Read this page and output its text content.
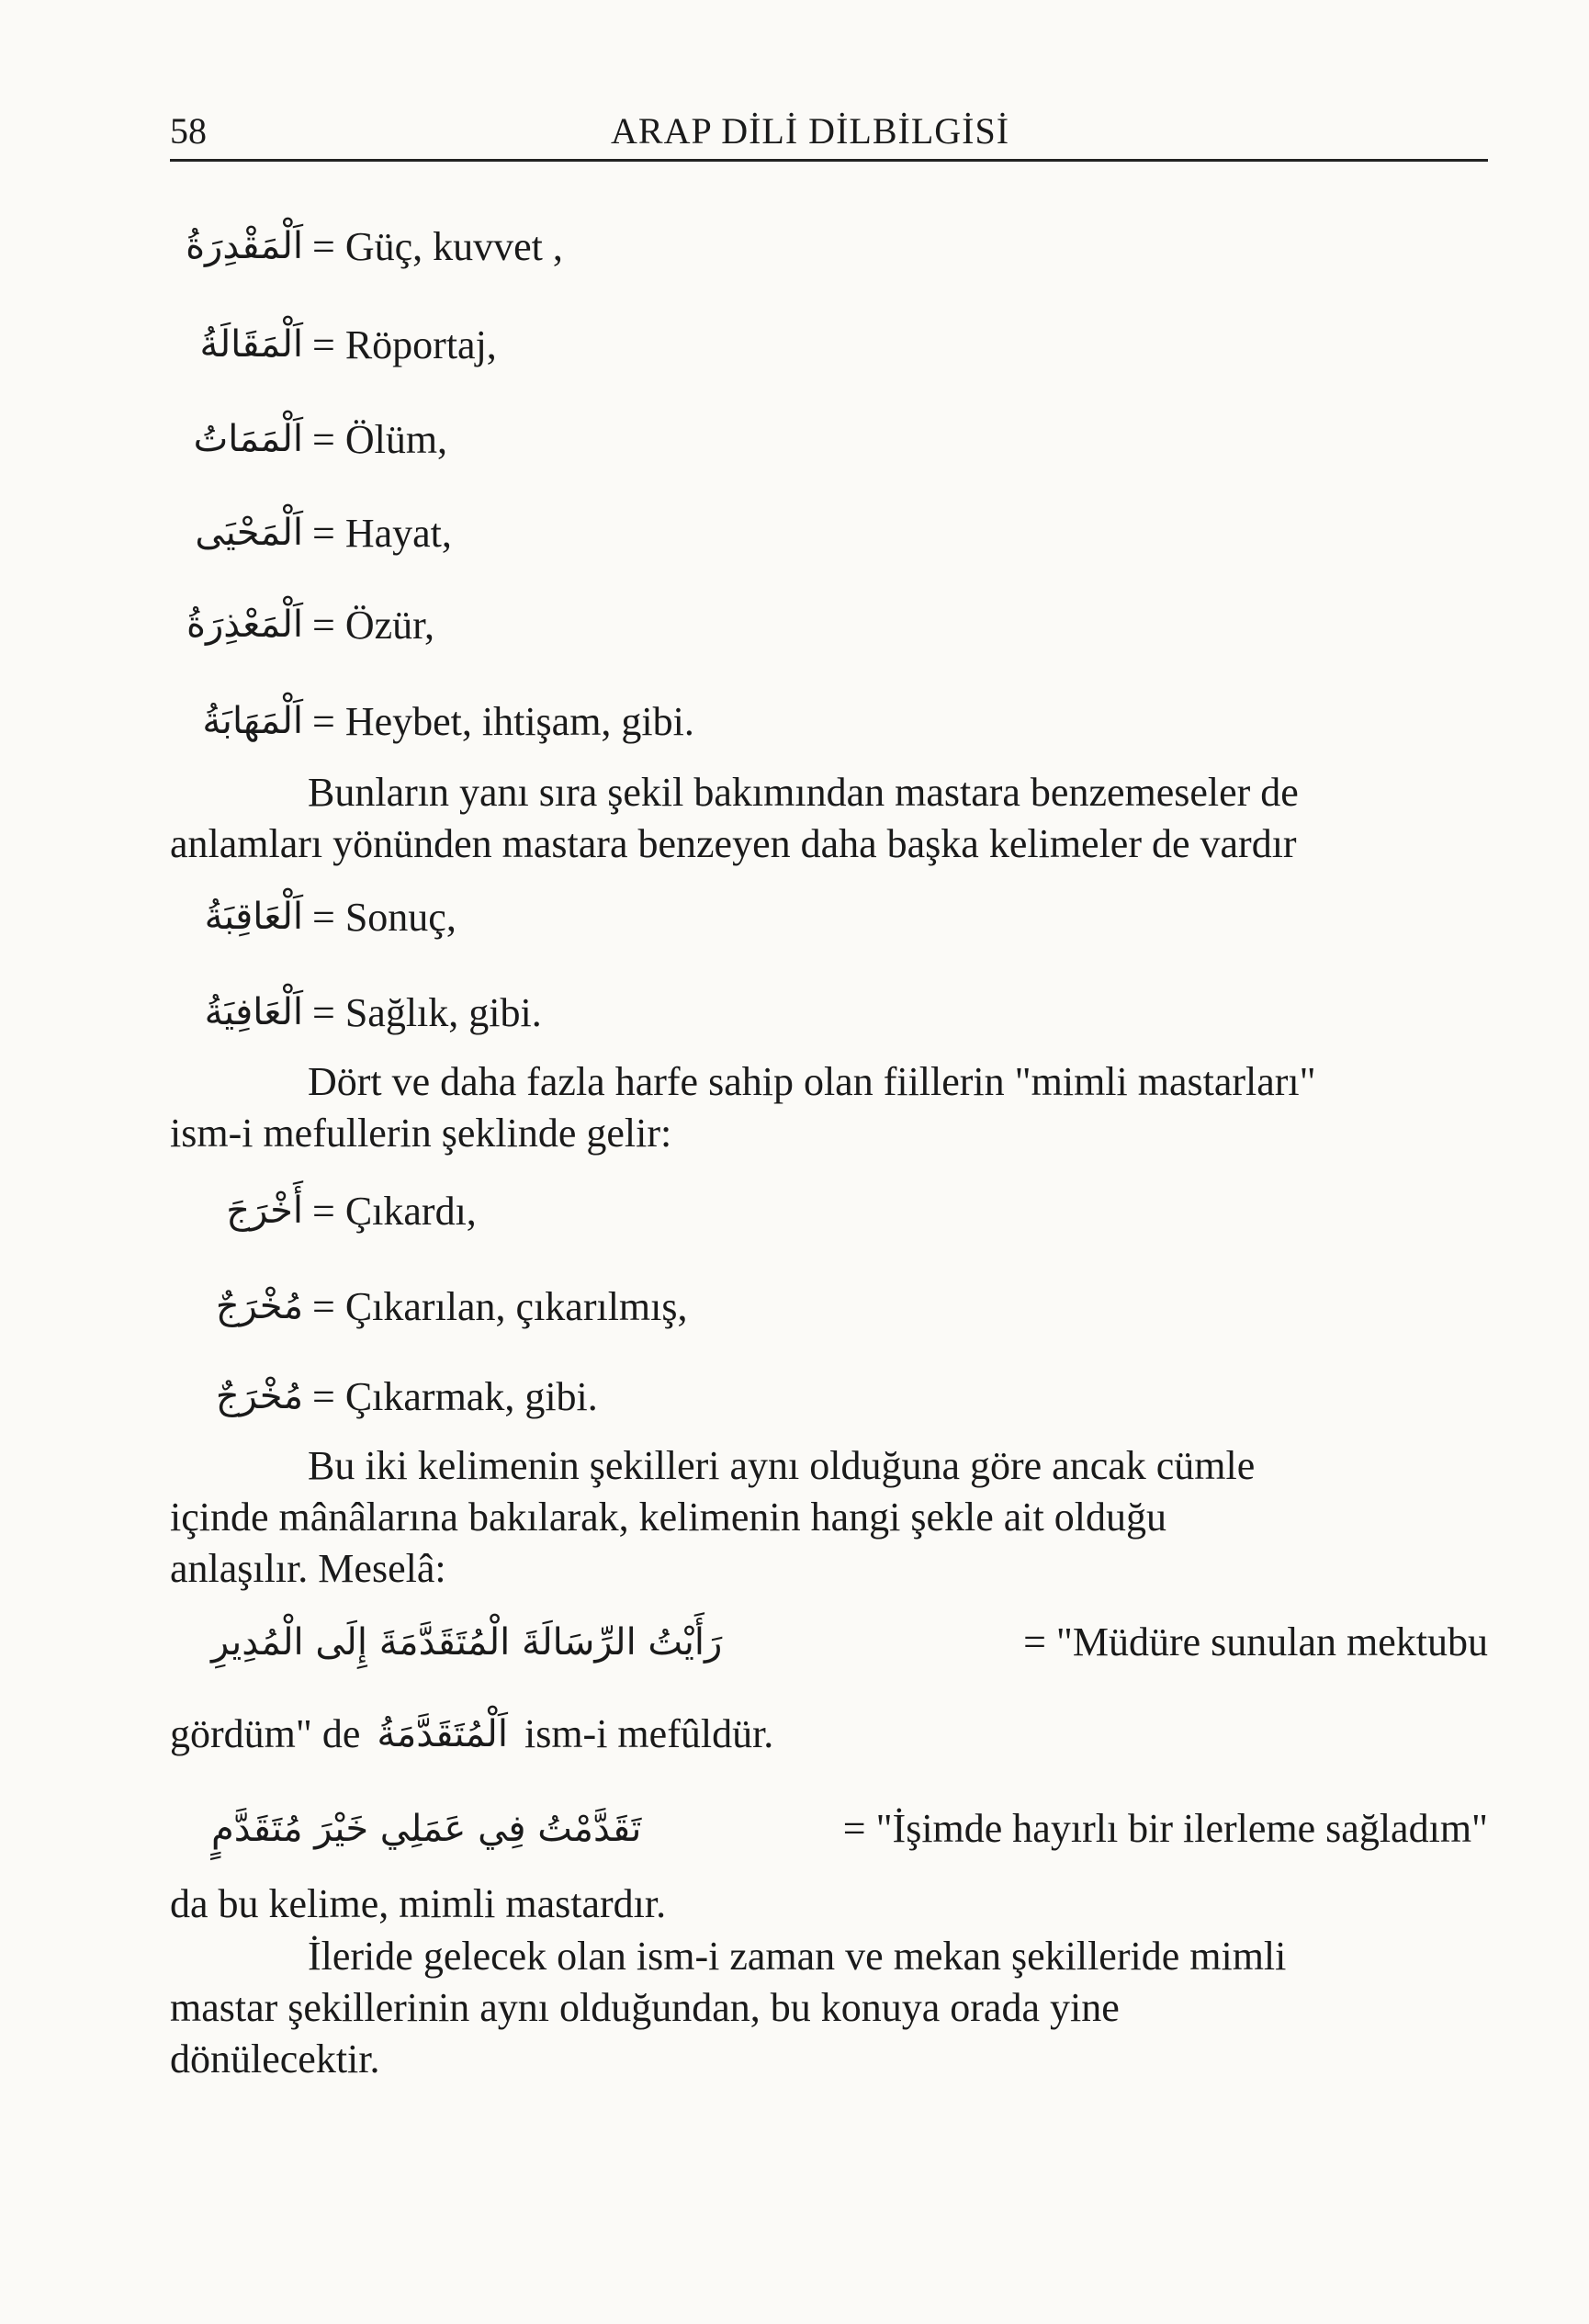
58	ARAP DİLİ DİLBİLGİSİ
اَلْمَقْدِرَةُ = Güç, kuvvet ,
اَلْمَقَالَةُ = Röportaj,
اَلْمَمَاتُ = Ölüm,
اَلْمَحْيَى = Hayat,
اَلْمَعْذِرَةُ = Özür,
اَلْمَهَابَةُ = Heybet, ihtişam, gibi.
Bunların yanı sıra şekil bakımından mastara benzemeseler de
anlamları yönünden mastara benzeyen daha başka kelimeler de vardır
اَلْعَاقِبَةُ = Sonuç,
اَلْعَافِيَةُ = Sağlık, gibi.
Dört ve daha fazla harfe sahip olan fiillerin "mimli mastarları"
ism-i mefullerin şeklinde gelir:
أَخْرَجَ = Çıkardı,
مُخْرَجٌ = Çıkarılan, çıkarılmış,
مُخْرَجٌ = Çıkarmak, gibi.
Bu iki kelimenin şekilleri aynı olduğuna göre ancak cümle
içinde mânâlarına bakılarak, kelimenin hangi şekle ait olduğu
anlaşılır. Meselâ:
رَأَيْتُ الرِّسَالَةَ الْمُتَقَدَّمَةَ إِلَى الْمُدِيرِ	= "Müdüre sunulan mektubu
gördüm" de اَلْمُتَقَدَّمَةُ ism-i mefûldür.
تَقَدَّمْتُ فِي عَمَلِي خَيْرَ مُتَقَدَّمٍ	= "İşimde hayırlı bir ilerleme sağladım"
da bu kelime, mimli mastardır.
İleride gelecek olan ism-i zaman ve mekan şekilleride mimli
mastar şekillerinin aynı olduğundan, bu konuya orada yine
dönülecektir.
